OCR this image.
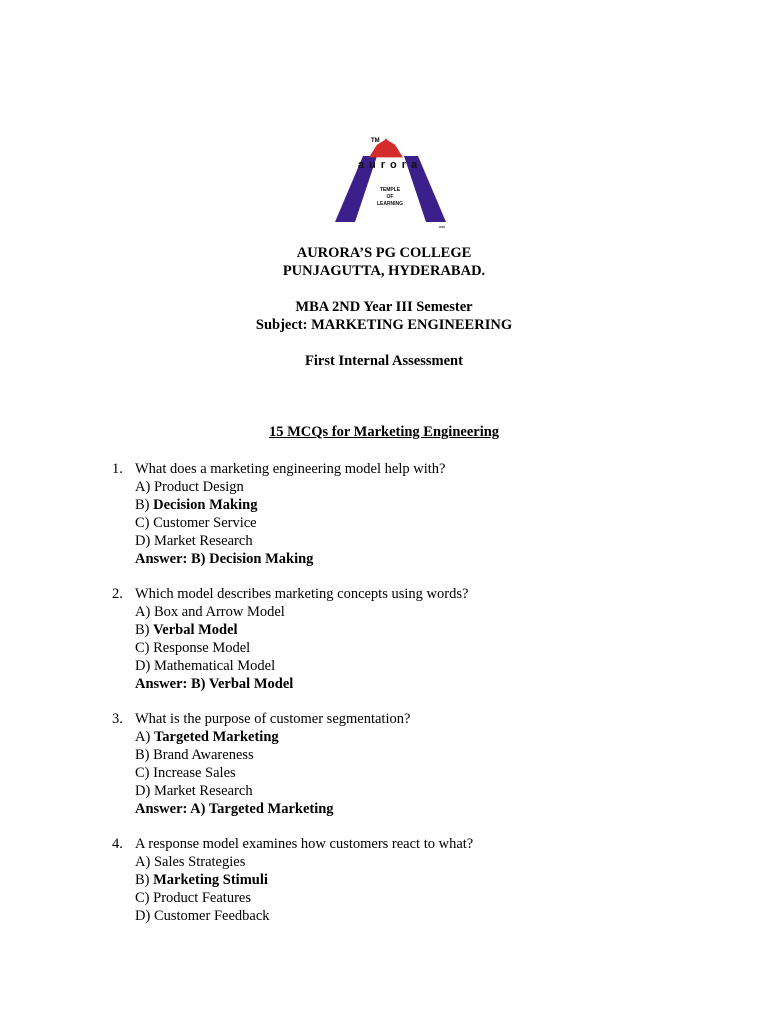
TM
aurora
TEMPLE
OF
LEARNING
AURORA’S PG COLLEGE
PUNJAGUTTA, HYDERABAD.
MBA 2ND Year III Semester
Subject: MARKETING ENGINEERING
First Internal Assessment
15 MCQs for Marketing Engineering
1. What does a marketing engineering model help with?
A) Product Design
B) Decision Making
C) Customer Service
D) Market Research
Answer: B) Decision Making
2. Which model describes marketing concepts using words?
A) Box and Arrow Model
B) Verbal Model
C) Response Model
D) Mathematical Model
Answer: B) Verbal Model
3. What is the purpose of customer segmentation?
A) Targeted Marketing
B) Brand Awareness
C) Increase Sales
D) Market Research
Answer: A) Targeted Marketing
4. A response model examines how customers react to what?
A) Sales Strategies
B) Marketing Stimuli
C) Product Features
D) Customer Feedback
